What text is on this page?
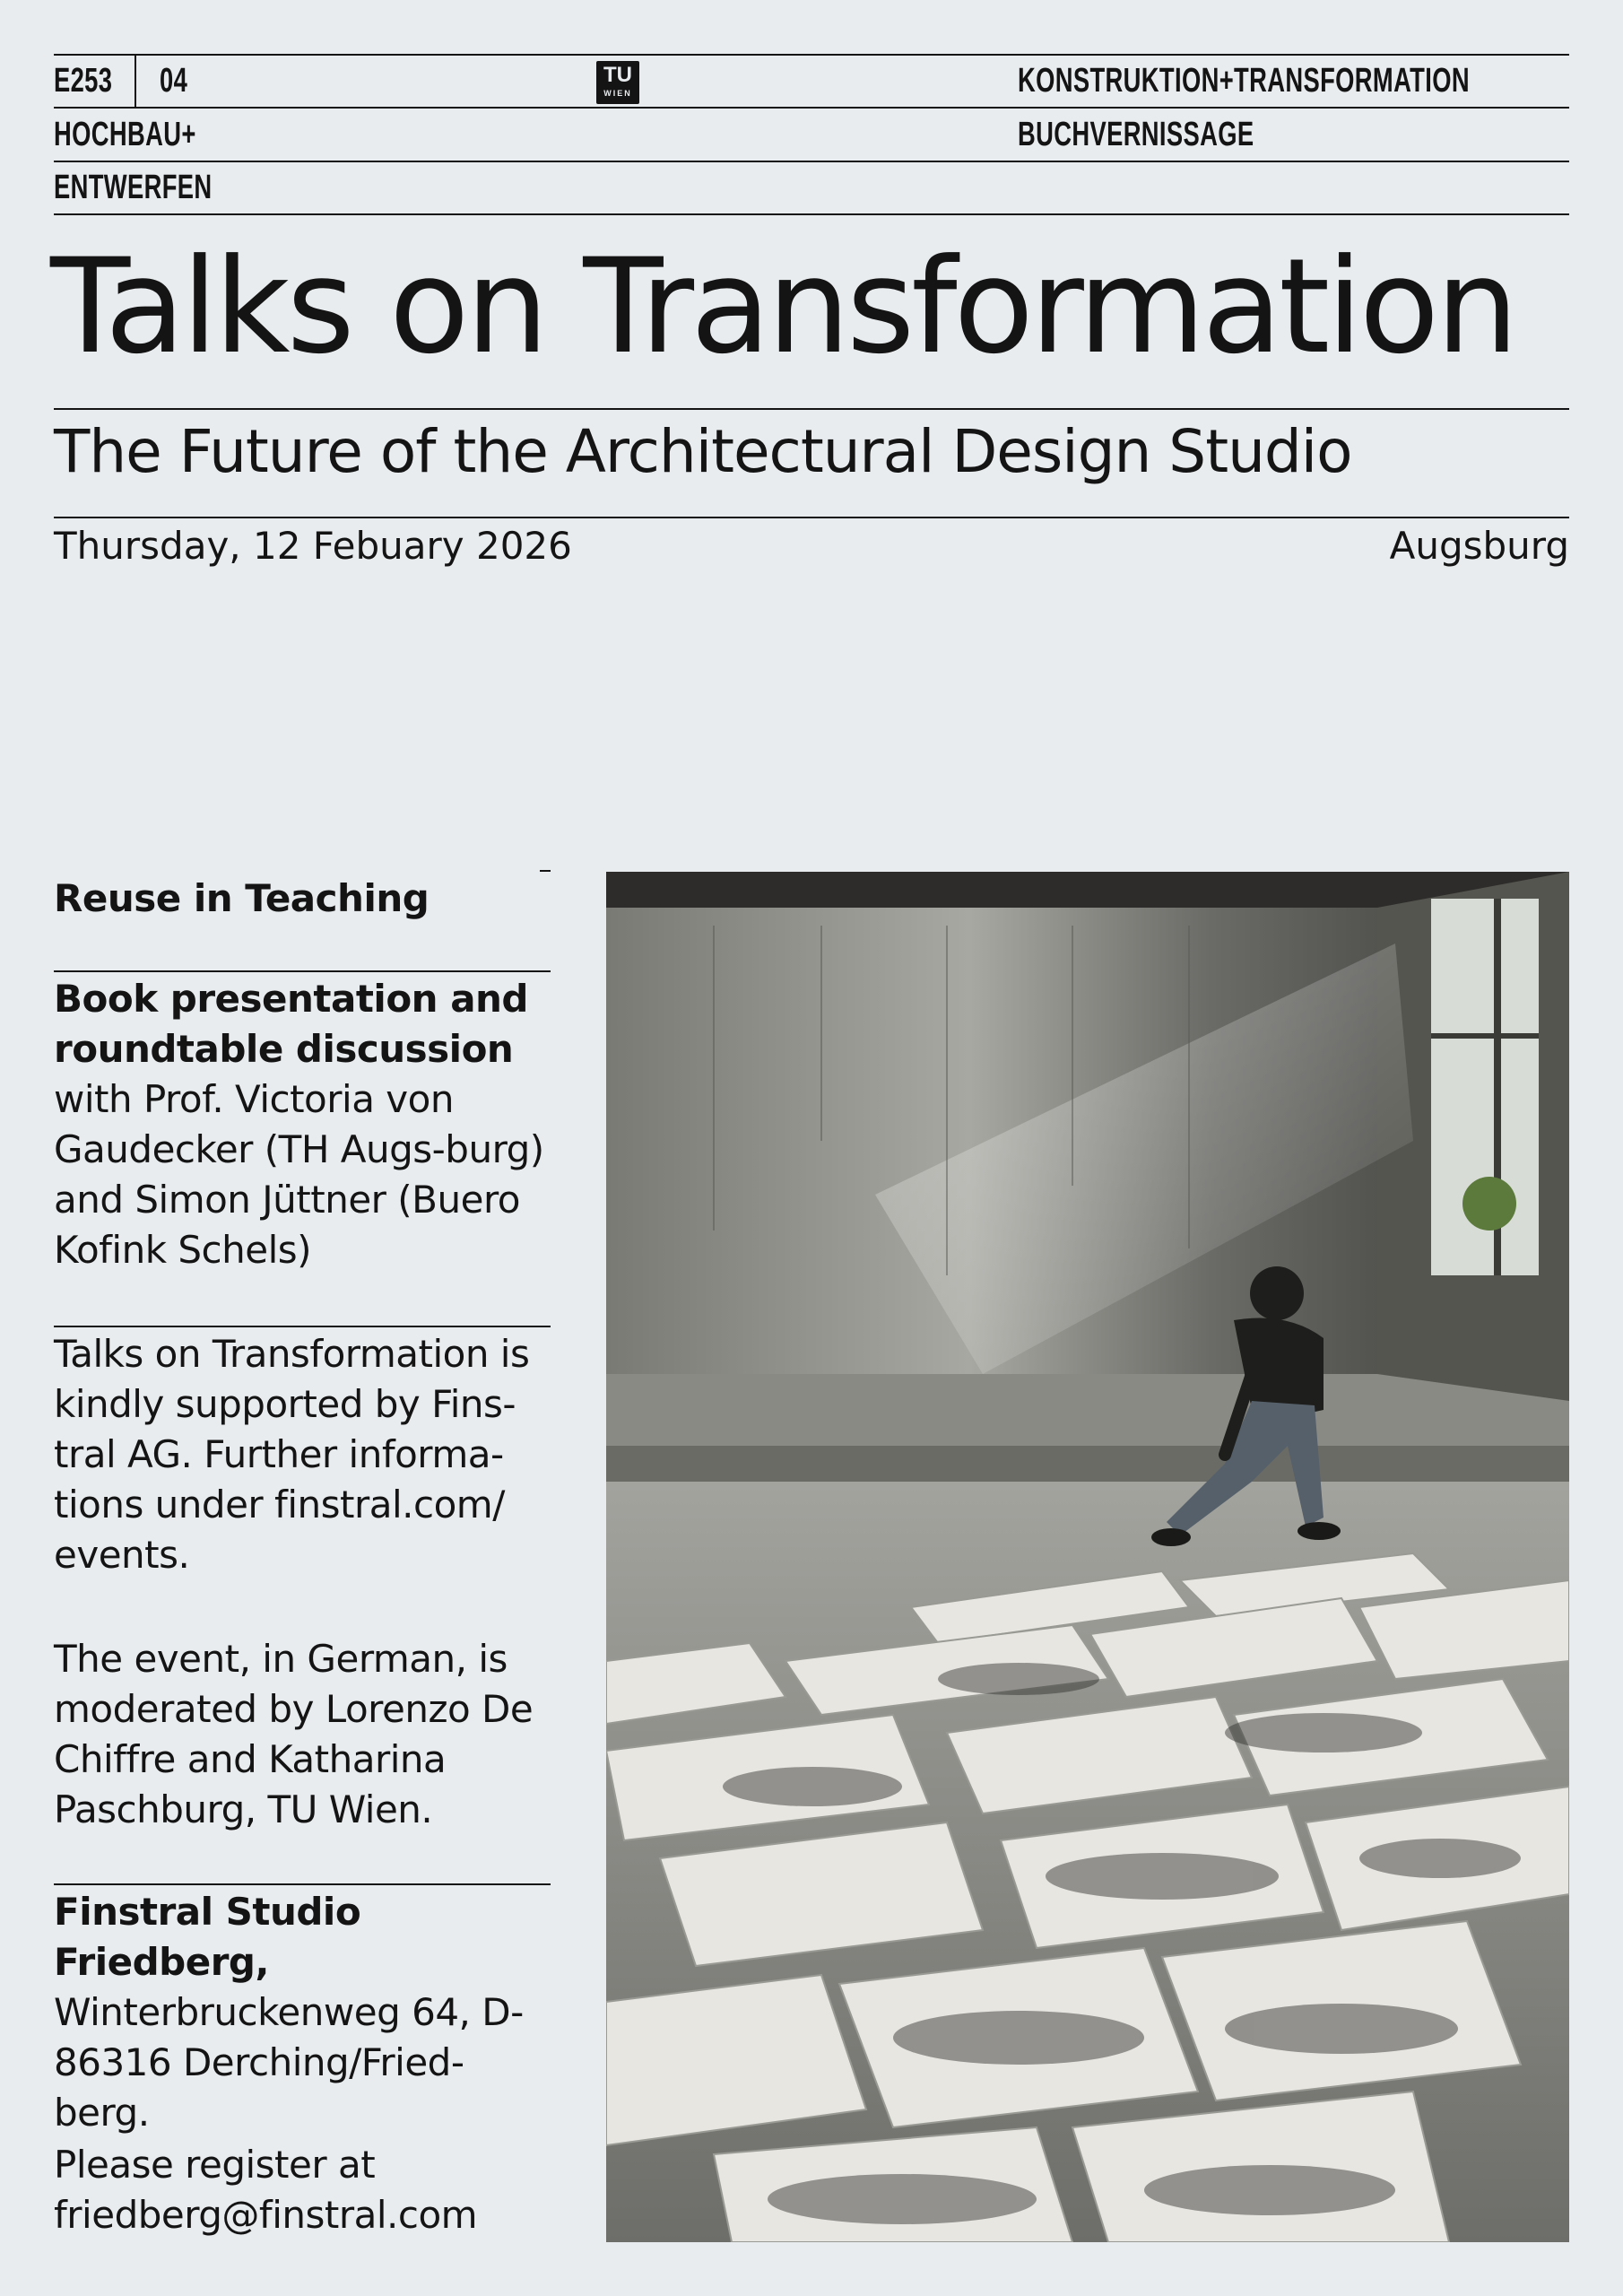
E253 04
HOCHBAU+
ENTWERFEN
TU
WIEN	KONSTRUKTION+TRANSFORMATION
BUCHVERNISSAGE
Talks on Transformation
The Future of the Architectural Design Studio
Thursday, 12 Febuary 2026	Augsburg

Reuse in Teaching

Book presentation and roundtable discussion

with Prof. Victoria von Gaudecker (TH Augs-burg) and Simon Jüttner (Buero Kofink Schels)

Talks on Transformation is kindly supported by Fins-tral AG. Further informa-tions under finstral.com/ events.

The event, in German, is moderated by Lorenzo De Chiffre and Katharina Paschburg, TU Wien.

Finstral Studio Friedberg,

Winterbruckenweg 64, D-86316 Derching/Fried-berg.

Please register at friedberg@finstral.com
